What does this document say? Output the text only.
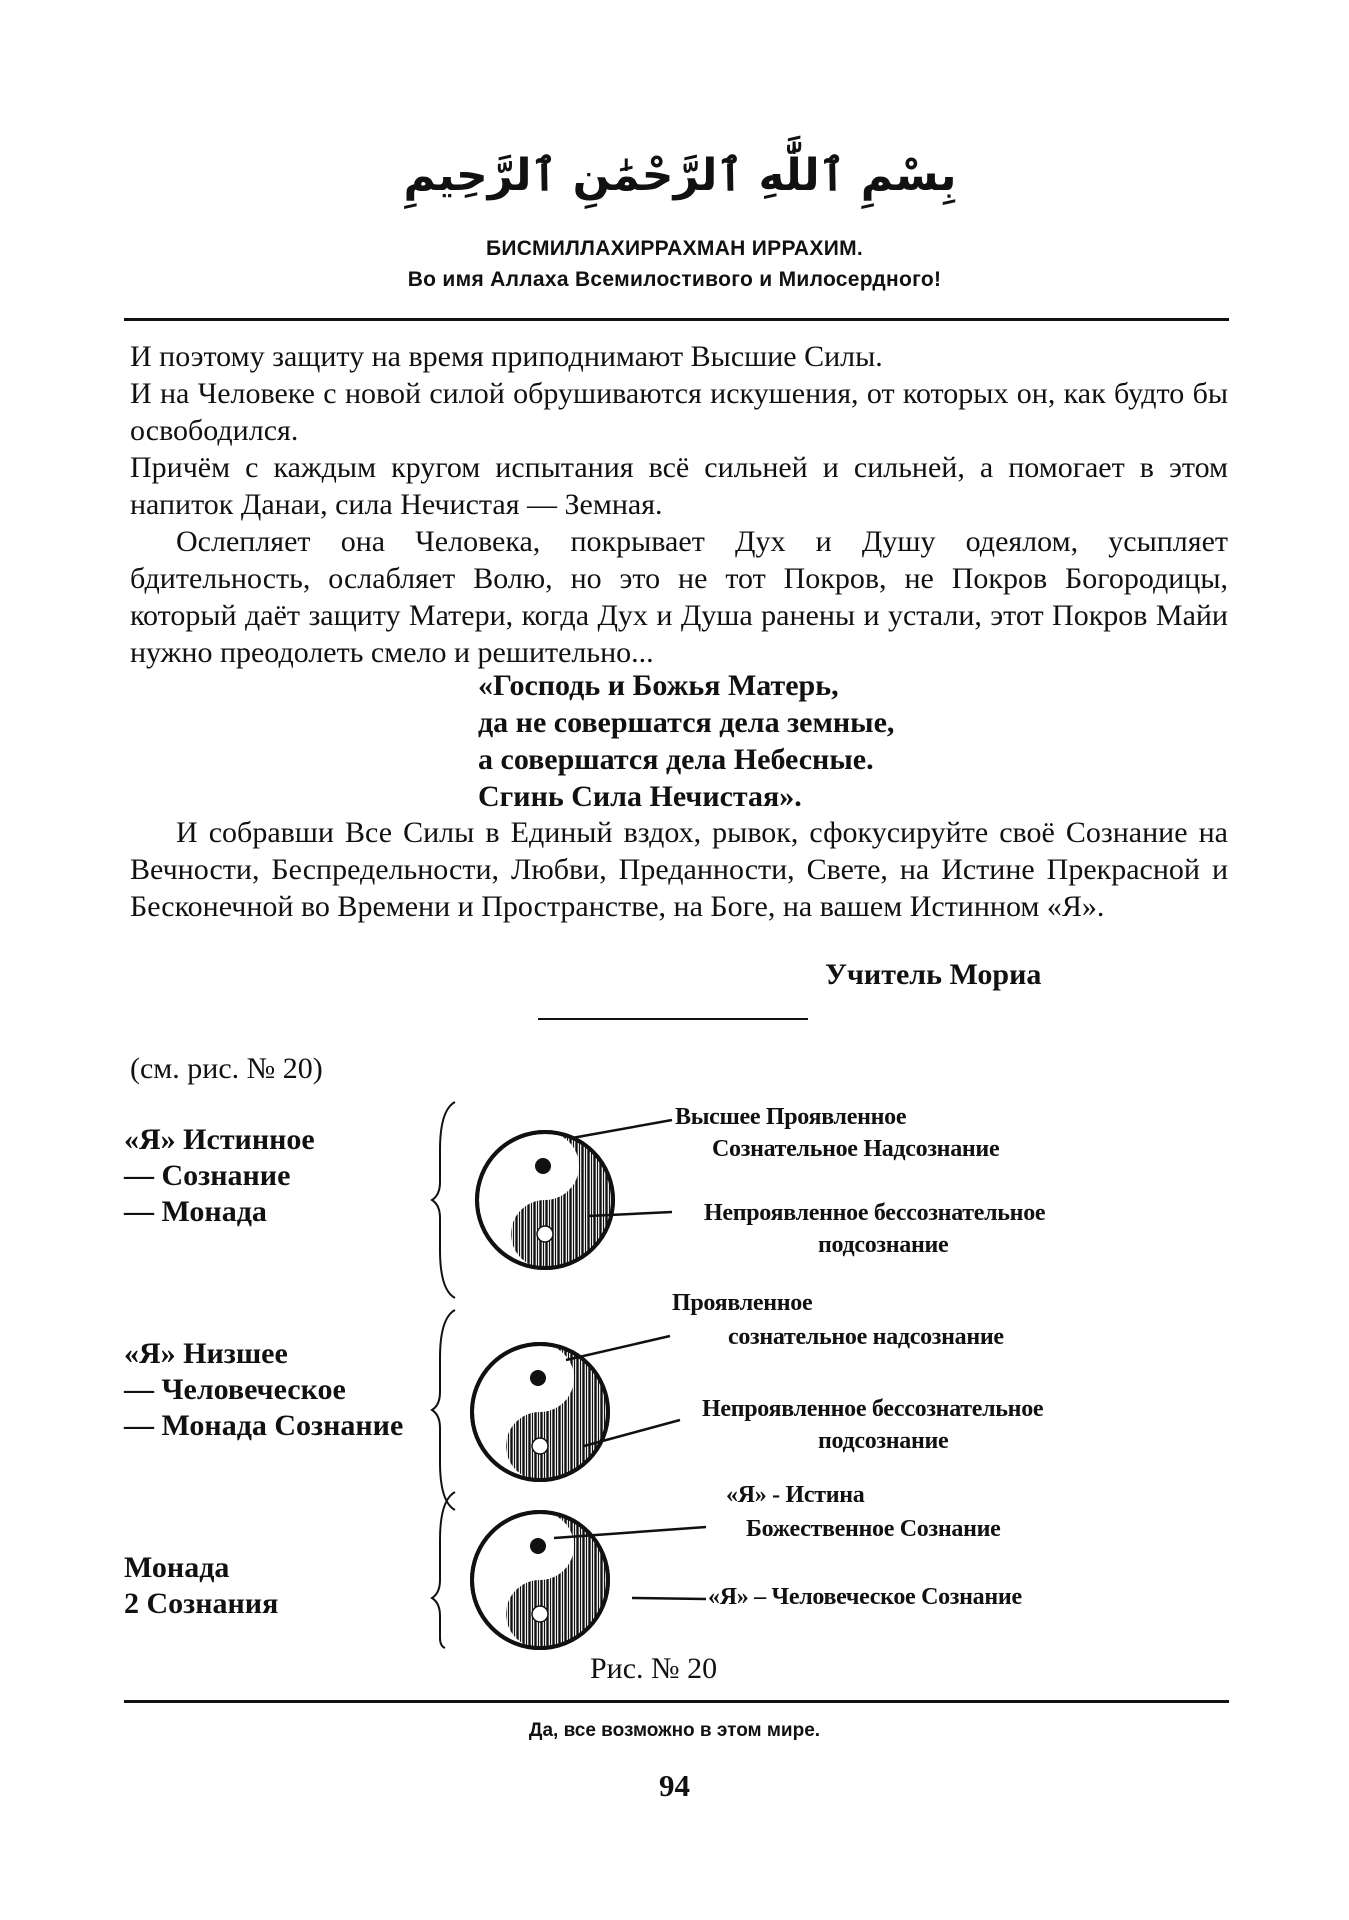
بِسْمِ ٱللَّٰهِ ٱلرَّحْمَٰنِ ٱلرَّحِيمِ
БИСМИЛЛАХИРРАХМАН ИРРАХИМ.
Во имя Аллаха Всемилостивого и Милосердного!

И поэтому защиту на время приподнимают Высшие Силы.

И на Человеке с новой силой обрушиваются искушения, от которых он, как будто бы освободился.

Причём с каждым кругом испытания всё сильней и сильней, а помогает в этом напиток Данаи, сила Нечистая — Земная.

Ослепляет она Человека, покрывает Дух и Душу одеялом, усыпляет бдительность, ослабляет Волю, но это не тот Покров, не Покров Богородицы, который даёт защиту Матери, когда Дух и Душа ранены и устали, этот Покров Майи нужно преодолеть смело и решительно...

«Господь и Божья Матерь,
да не совершатся дела земные,
а совершатся дела Небесные.
Сгинь Сила Нечистая».

И собравши Все Силы в Единый вздох, рывок, сфокусируйте своё Сознание на Вечности, Беспредельности, Любви, Преданности, Свете, на Истине Прекрасной и Бесконечной во Времени и Пространстве, на Боге, на вашем Истинном «Я».

Учитель Мориа
(см. рис. № 20)
«Я» Истинное
— Сознание
— Монада
«Я» Низшее
— Человеческое
— Монада Сознание
Монада
2 Сознания
Высшее Проявленное
Сознательное Надсознание
Непроявленное бессознательное
подсознание
Проявленное
сознательное надсознание
Непроявленное бессознательное
подсознание
«Я» - Истина
Божественное Сознание
«Я» – Человеческое Сознание
Рис. № 20
Да, все возможно в этом мире.
94
